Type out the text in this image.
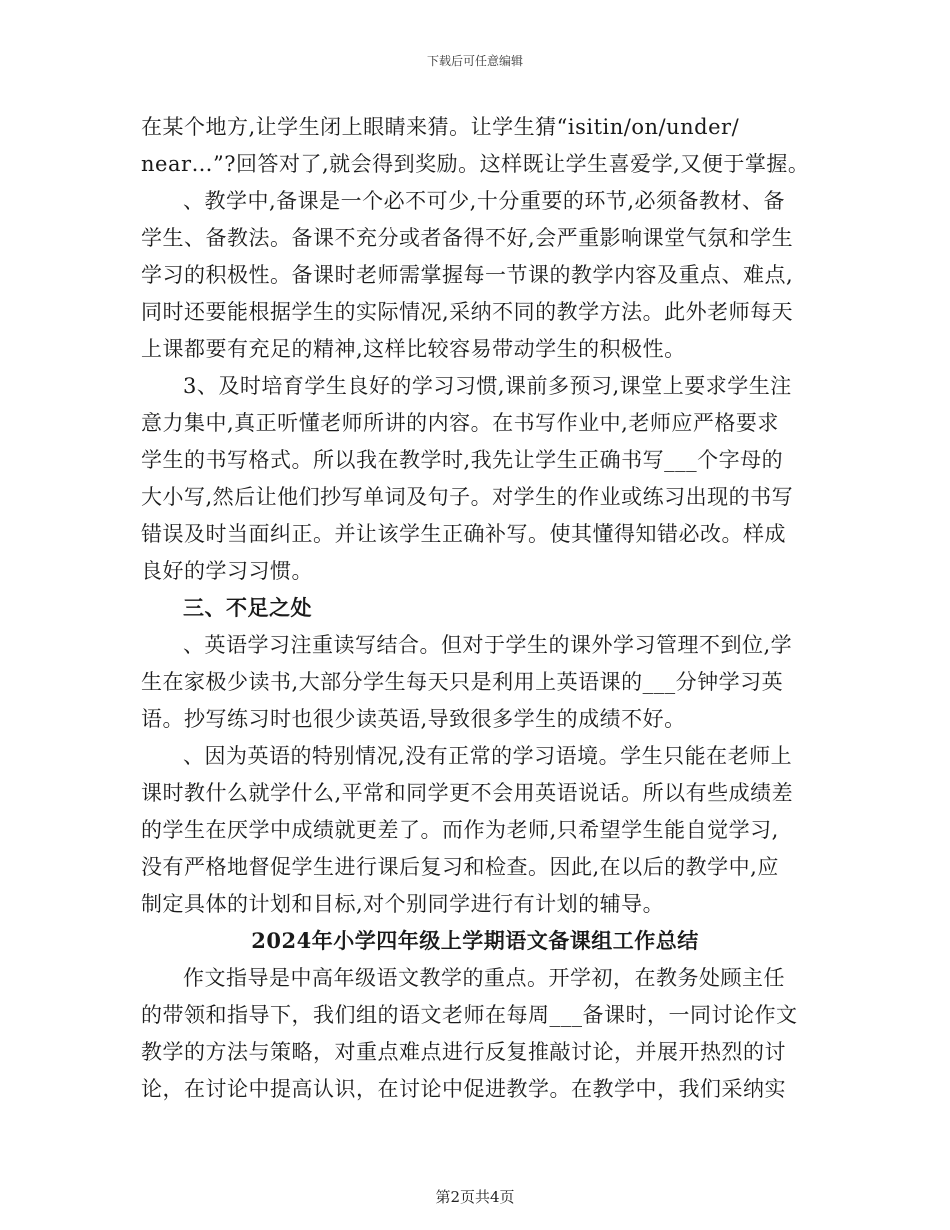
下载后可任意编辑
在某个地方,让学生闭上眼睛来猜。让学生猜“isitin/on/under/
near…”?回答对了,就会得到奖励。这样既让学生喜爱学,又便于掌握。
、教学中,备课是一个必不可少,十分重要的环节,必须备教材、备
学生、备教法。备课不充分或者备得不好,会严重影响课堂气氛和学生
学习的积极性。备课时老师需掌握每一节课的教学内容及重点、难点,
同时还要能根据学生的实际情况,采纳不同的教学方法。此外老师每天
上课都要有充足的精神,这样比较容易带动学生的积极性。
3、及时培育学生良好的学习习惯,课前多预习,课堂上要求学生注
意力集中,真正听懂老师所讲的内容。在书写作业中,老师应严格要求
学生的书写格式。所以我在教学时,我先让学生正确书写___个字母的
大小写,然后让他们抄写单词及句子。对学生的作业或练习出现的书写
错误及时当面纠正。并让该学生正确补写。使其懂得知错必改。样成
良好的学习习惯。
三、不足之处
、英语学习注重读写结合。但对于学生的课外学习管理不到位,学
生在家极少读书,大部分学生每天只是利用上英语课的___分钟学习英
语。抄写练习时也很少读英语,导致很多学生的成绩不好。
、因为英语的特别情况,没有正常的学习语境。学生只能在老师上
课时教什么就学什么,平常和同学更不会用英语说话。所以有些成绩差
的学生在厌学中成绩就更差了。而作为老师,只希望学生能自觉学习,
没有严格地督促学生进行课后复习和检查。因此,在以后的教学中,应
制定具体的计划和目标,对个别同学进行有计划的辅导。
2024年小学四年级上学期语文备课组工作总结
作文指导是中高年级语文教学的重点。开学初，在教务处顾主任
的带领和指导下，我们组的语文老师在每周___备课时，一同讨论作文
教学的方法与策略，对重点难点进行反复推敲讨论，并展开热烈的讨
论，在讨论中提高认识，在讨论中促进教学。在教学中，我们采纳实
第2页共4页
